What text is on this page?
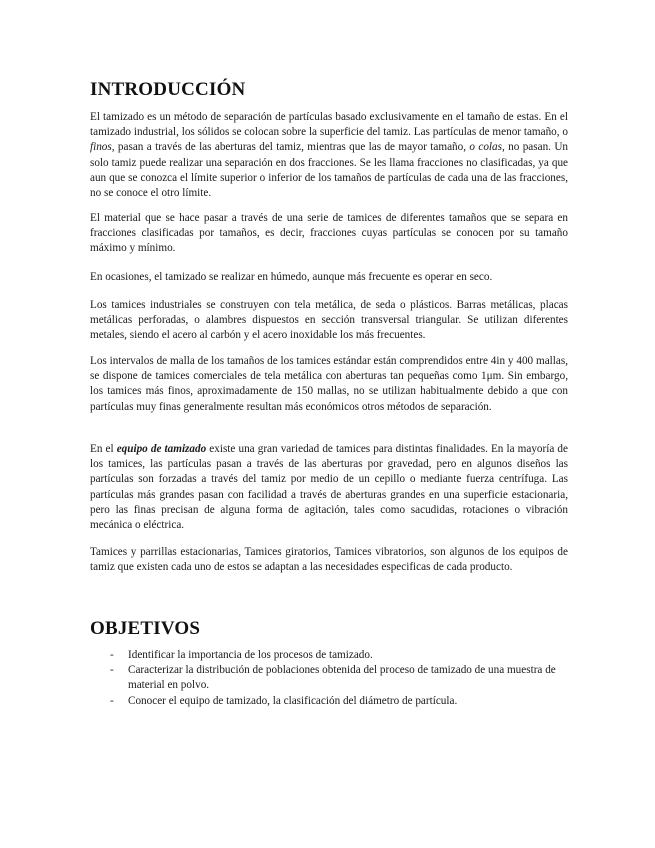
INTRODUCCIÓN

El tamizado es un método de separación de partículas basado exclusivamente en el tamaño de estas. En el tamizado industrial, los sólidos se colocan sobre la superficie del tamiz. Las partículas de menor tamaño, o finos, pasan a través de las aberturas del tamiz, mientras que las de mayor tamaño, o colas, no pasan. Un solo tamiz puede realizar una separación en dos fracciones. Se les llama fracciones no clasificadas, ya que aun que se conozca el límite superior o inferior de los tamaños de partículas de cada una de las fracciones, no se conoce el otro límite.

El material que se hace pasar a través de una serie de tamices de diferentes tamaños que se separa en fracciones clasificadas por tamaños, es decir, fracciones cuyas partículas se conocen por su tamaño máximo y mínimo.

En ocasiones, el tamizado se realizar en húmedo, aunque más frecuente es operar en seco.

Los tamices industriales se construyen con tela metálica, de seda o plásticos. Barras metálicas, placas metálicas perforadas, o alambres dispuestos en sección transversal triangular. Se utilizan diferentes metales, siendo el acero al carbón y el acero inoxidable los más frecuentes.

Los intervalos de malla de los tamaños de los tamices estándar están comprendidos entre 4in y 400 mallas, se dispone de tamices comerciales de tela metálica con aberturas tan pequeñas como 1μm. Sin embargo, los tamices más finos, aproximadamente de 150 mallas, no se utilizan habitualmente debido a que con partículas muy finas generalmente resultan más económicos otros métodos de separación.

En el equipo de tamizado existe una gran variedad de tamices para distintas finalidades. En la mayoría de los tamices, las partículas pasan a través de las aberturas por gravedad, pero en algunos diseños las partículas son forzadas a través del tamiz por medio de un cepillo o mediante fuerza centrífuga. Las partículas más grandes pasan con facilidad a través de aberturas grandes en una superficie estacionaria, pero las finas precisan de alguna forma de agitación, tales como sacudidas, rotaciones o vibración mecánica o eléctrica.

Tamices y parrillas estacionarias, Tamices giratorios, Tamices vibratorios, son algunos de los equipos de tamiz que existen cada uno de estos se adaptan a las necesidades especificas de cada producto.

OBJETIVOS
- Identificar la importancia de los procesos de tamizado.
- Caracterizar la distribución de poblaciones obtenida del proceso de tamizado de una muestra de material en polvo.
- Conocer el equipo de tamizado, la clasificación del diámetro de partícula.
